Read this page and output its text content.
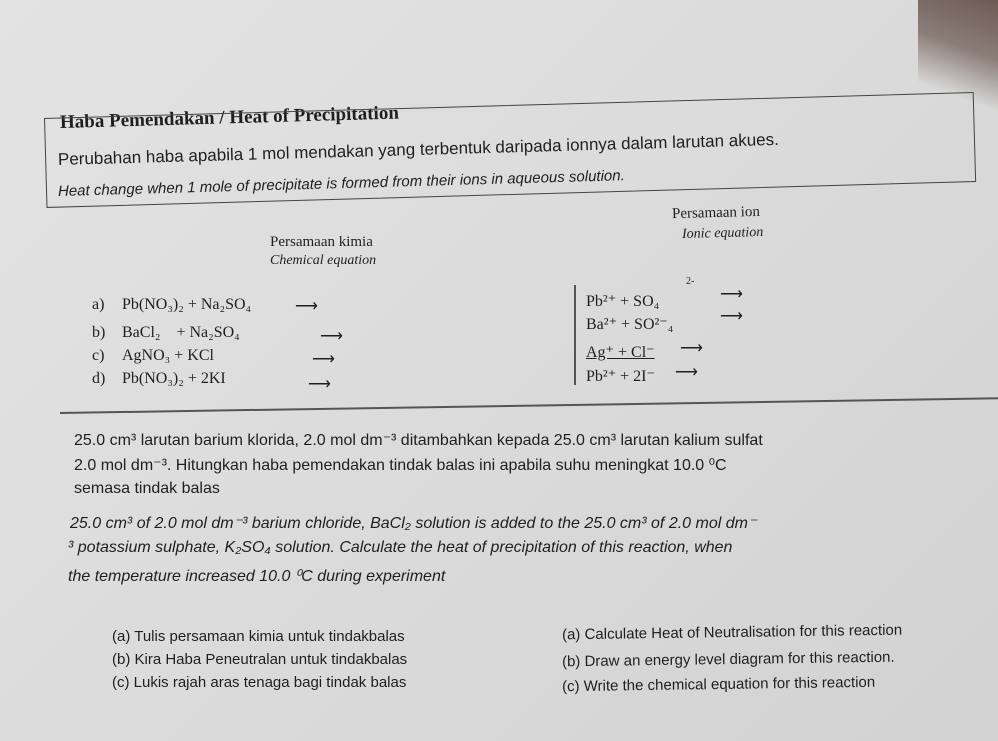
Haba Pemendakan / Heat of Precipitation
Perubahan haba apabila 1 mol mendakan yang terbentuk daripada ionnya dalam larutan akues.
Heat change when 1 mole of precipitate is formed from their ions in aqueous solution.
Persamaan kimia
Chemical equation
Persamaan ion
Ionic equation
a) Pb(NO₃)₂ + Na₂SO₄	⟶
b) BaCl₂    + Na₂SO₄	⟶
c) AgNO₃ + KCl	⟶
d) Pb(NO₃)₂ + 2KI	⟶
2-
Pb²⁺ + SO₄	⟶
Ba²⁺ + SO²⁻₄	⟶
Ag⁺ + Cl⁻ ⟶
Pb²⁺ + 2I⁻ ⟶
25.0 cm³ larutan barium klorida, 2.0 mol dm⁻³ ditambahkan kepada 25.0 cm³ larutan kalium sulfat
2.0 mol dm⁻³. Hitungkan haba pemendakan tindak balas ini apabila suhu meningkat 10.0 ⁰C
semasa tindak balas
25.0 cm³ of 2.0 mol dm⁻³ barium chloride, BaCl₂ solution is added to the 25.0 cm³ of 2.0 mol dm⁻
³ potassium sulphate, K₂SO₄ solution. Calculate the heat of precipitation of this reaction, when
the temperature increased 10.0 ⁰C during experiment
(a) Tulis persamaan kimia untuk tindakbalas
(b) Kira Haba Peneutralan untuk tindakbalas
(c) Lukis rajah aras tenaga bagi tindak balas
(a) Calculate Heat of Neutralisation for this reaction
(b) Draw an energy level diagram for this reaction.
(c) Write the chemical equation for this reaction
